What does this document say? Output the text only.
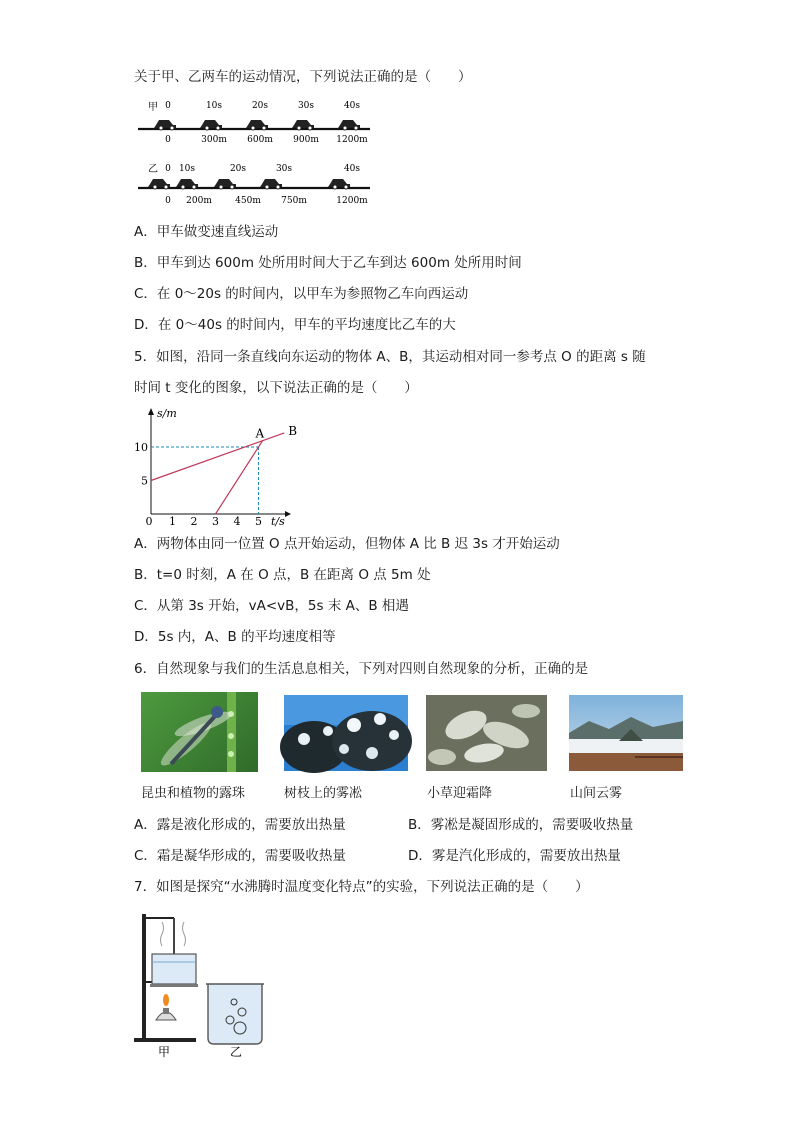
关于甲、乙两车的运动情况，下列说法正确的是（　　）
甲 0	10s	20s	30s	40s
0	300m 600m 900m 1200m
乙 0 10s	20s	30s	40s
0 200m	450m 750m	1200m
A．甲车做变速直线运动
B．甲车到达 600m 处所用时间大于乙车到达 600m 处所用时间
C．在 0～20s 的时间内，以甲车为参照物乙车向西运动
D．在 0～40s 的时间内，甲车的平均速度比乙车的大
5．如图，沿同一条直线向东运动的物体 A、B，其运动相对同一参考点 O 的距离 s 随
时间 t 变化的图象，以下说法正确的是（　　）
s/m
t/s
0 1 2 3 4 5
5
10
A B
A．两物体由同一位置 O 点开始运动，但物体 A 比 B 迟 3s 才开始运动
B．t=0 时刻，A 在 O 点，B 在距离 O 点 5m 处
C．从第 3s 开始，vA<vB，5s 末 A、B 相遇
D．5s 内，A、B 的平均速度相等
6．自然现象与我们的生活息息相关，下列对四则自然现象的分析，正确的是
昆虫和植物的露珠	树枝上的雾凇	小草迎霜降	山间云雾
A．露是液化形成的，需要放出热量	B．雾凇是凝固形成的，需要吸收热量
C．霜是凝华形成的，需要吸收热量	D．雾是汽化形成的，需要放出热量
7．如图是探究“水沸腾时温度变化特点”的实验，下列说法正确的是（　　）
甲	乙
